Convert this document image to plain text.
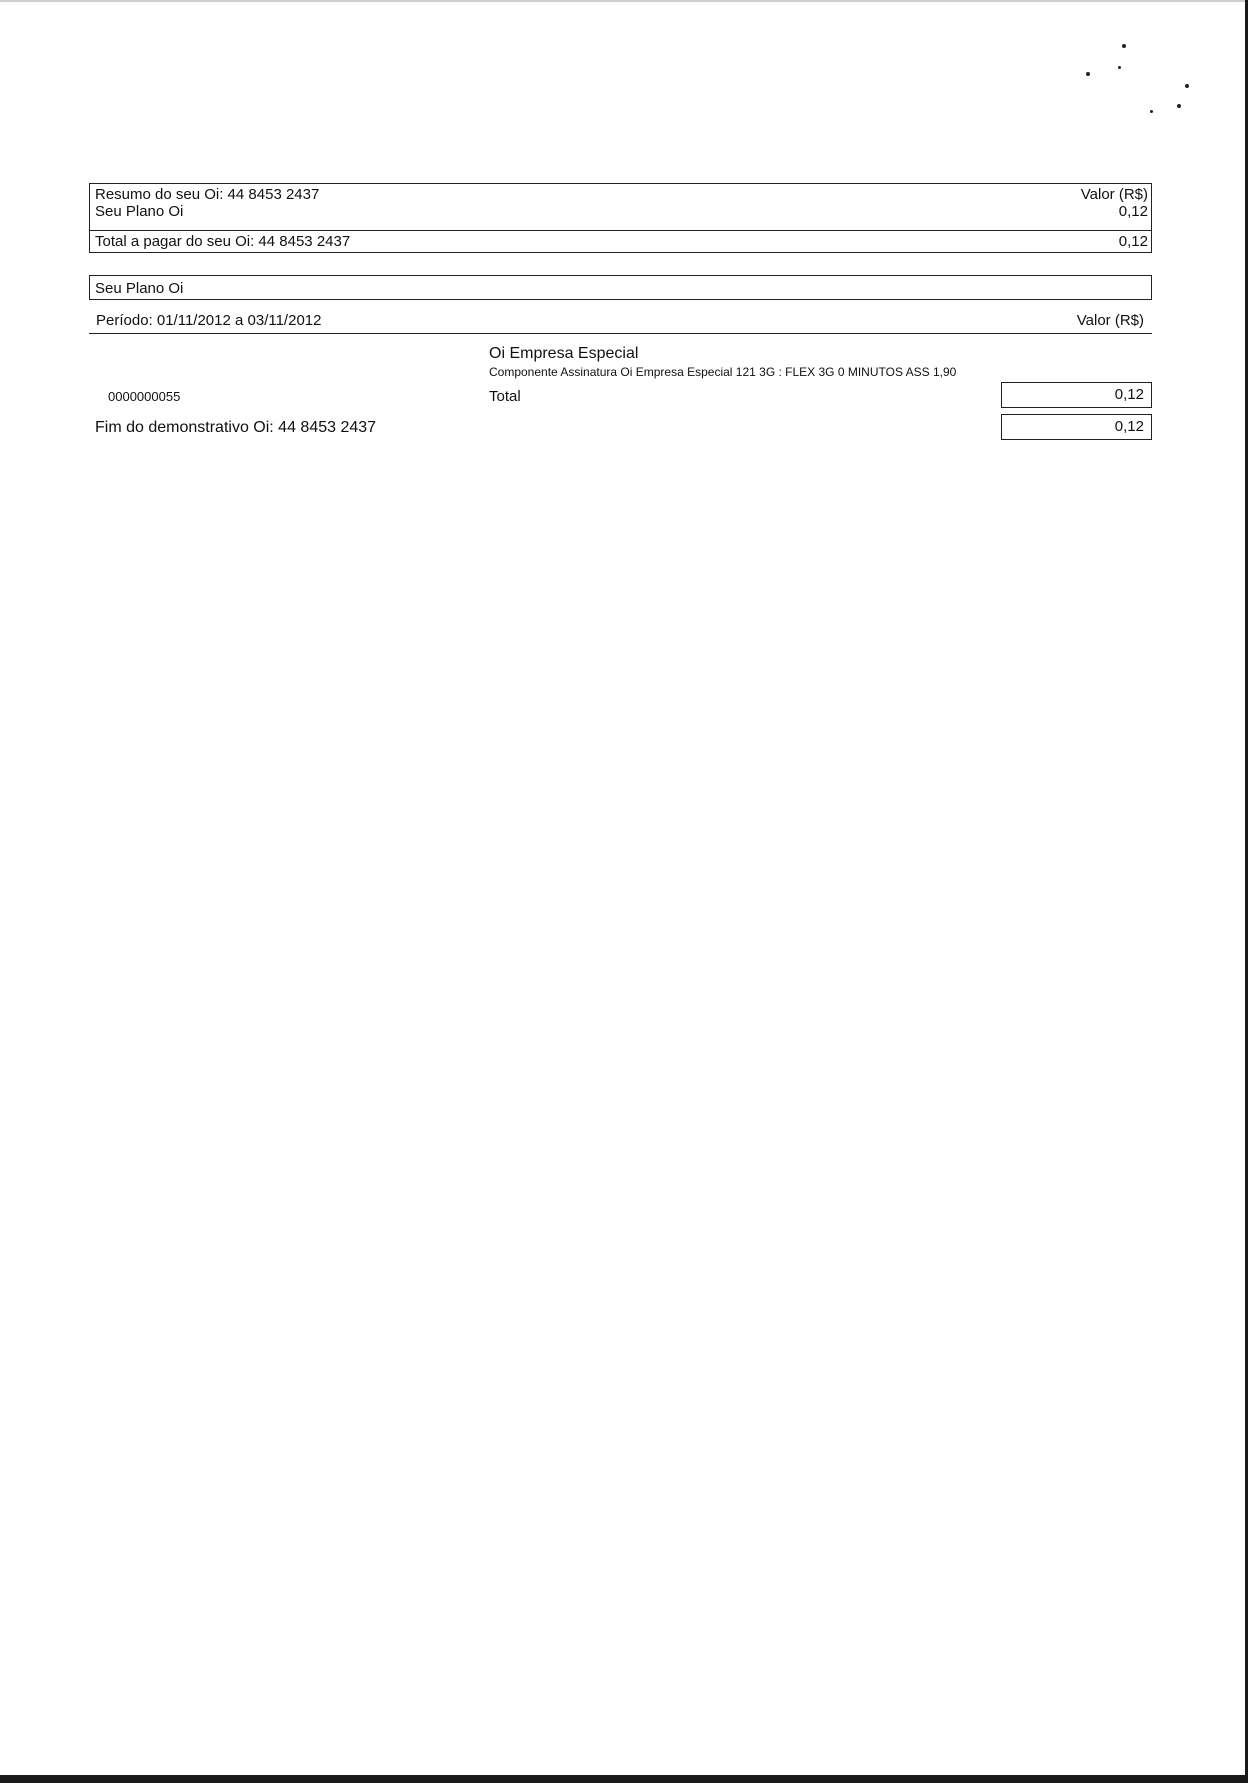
Resumo do seu Oi: 44 8453 2437	Valor (R$)
Seu Plano Oi	0,12
Total a pagar do seu Oi: 44 8453 2437	0,12
Seu Plano Oi
Período: 01/11/2012 a 03/11/2012	Valor (R$)
Oi Empresa Especial
Componente Assinatura Oi Empresa Especial 121 3G : FLEX 3G 0 MINUTOS ASS 1,90
0000000055	Total	0,12
Fim do demonstrativo Oi: 44 8453 2437	0,12
